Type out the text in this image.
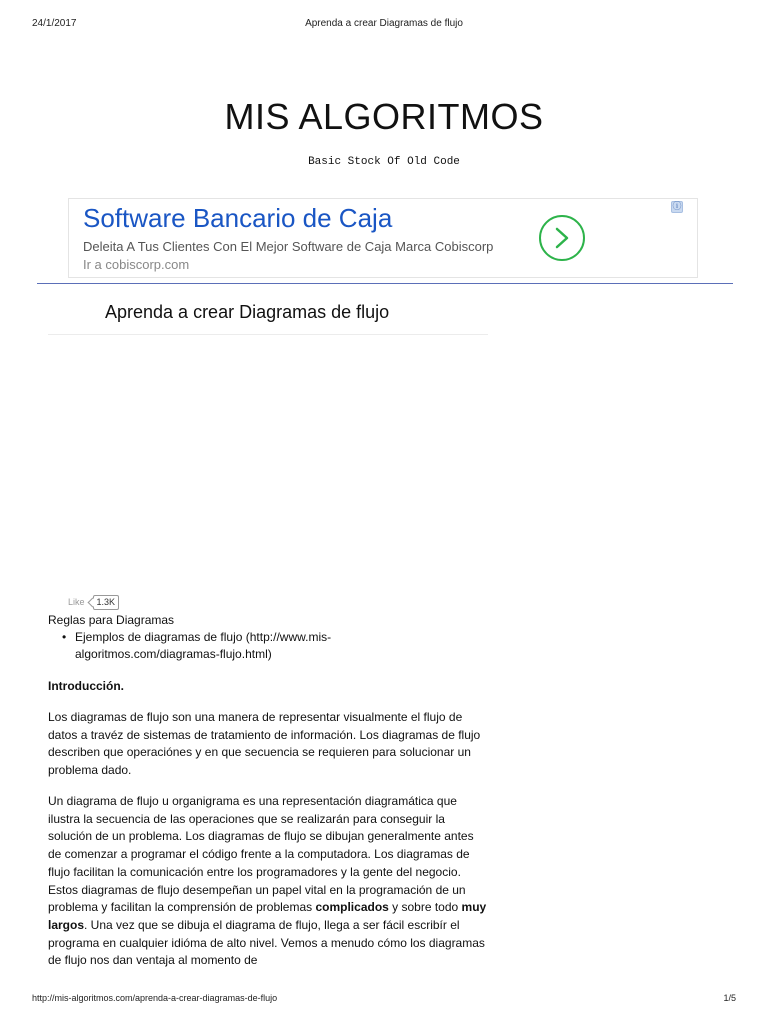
24/1/2017	Aprenda a crear Diagramas de flujo
MIS ALGORITMOS
Basic Stock Of Old Code
Software Bancario de Caja
Deleita A Tus Clientes Con El Mejor Software de Caja Marca Cobiscorp
Ir a cobiscorp.com
ⓘ
Aprenda a crear Diagramas de flujo
Like	1.3K
Reglas para Diagramas
• Ejemplos de diagramas de flujo (http://www.mis-algoritmos.com/diagramas-flujo.html)
Introducción.

Los diagramas de flujo son una manera de representar visualmente el flujo de datos a travéz de sistemas de tratamiento de información. Los diagramas de flujo describen que operaciónes y en que secuencia se requieren para solucionar un problema dado.

Un diagrama de flujo u organigrama es una representación diagramática que ilustra la secuencia de las operaciones que se realizarán para conseguir la solución de un problema. Los diagramas de flujo se dibujan generalmente antes de comenzar a programar el código frente a la computadora. Los diagramas de flujo facilitan la comunicación entre los programadores y la gente del negocio. Estos diagramas de flujo desempeñan un papel vital en la programación de un problema y facilitan la comprensión de problemas complicados y sobre todo muy largos. Una vez que se dibuja el diagrama de flujo, llega a ser fácil escribír el programa en cualquier idióma de alto nivel. Vemos a menudo cómo los diagramas de flujo nos dan ventaja al momento de

http://mis-algoritmos.com/aprenda-a-crear-diagramas-de-flujo	1/5
